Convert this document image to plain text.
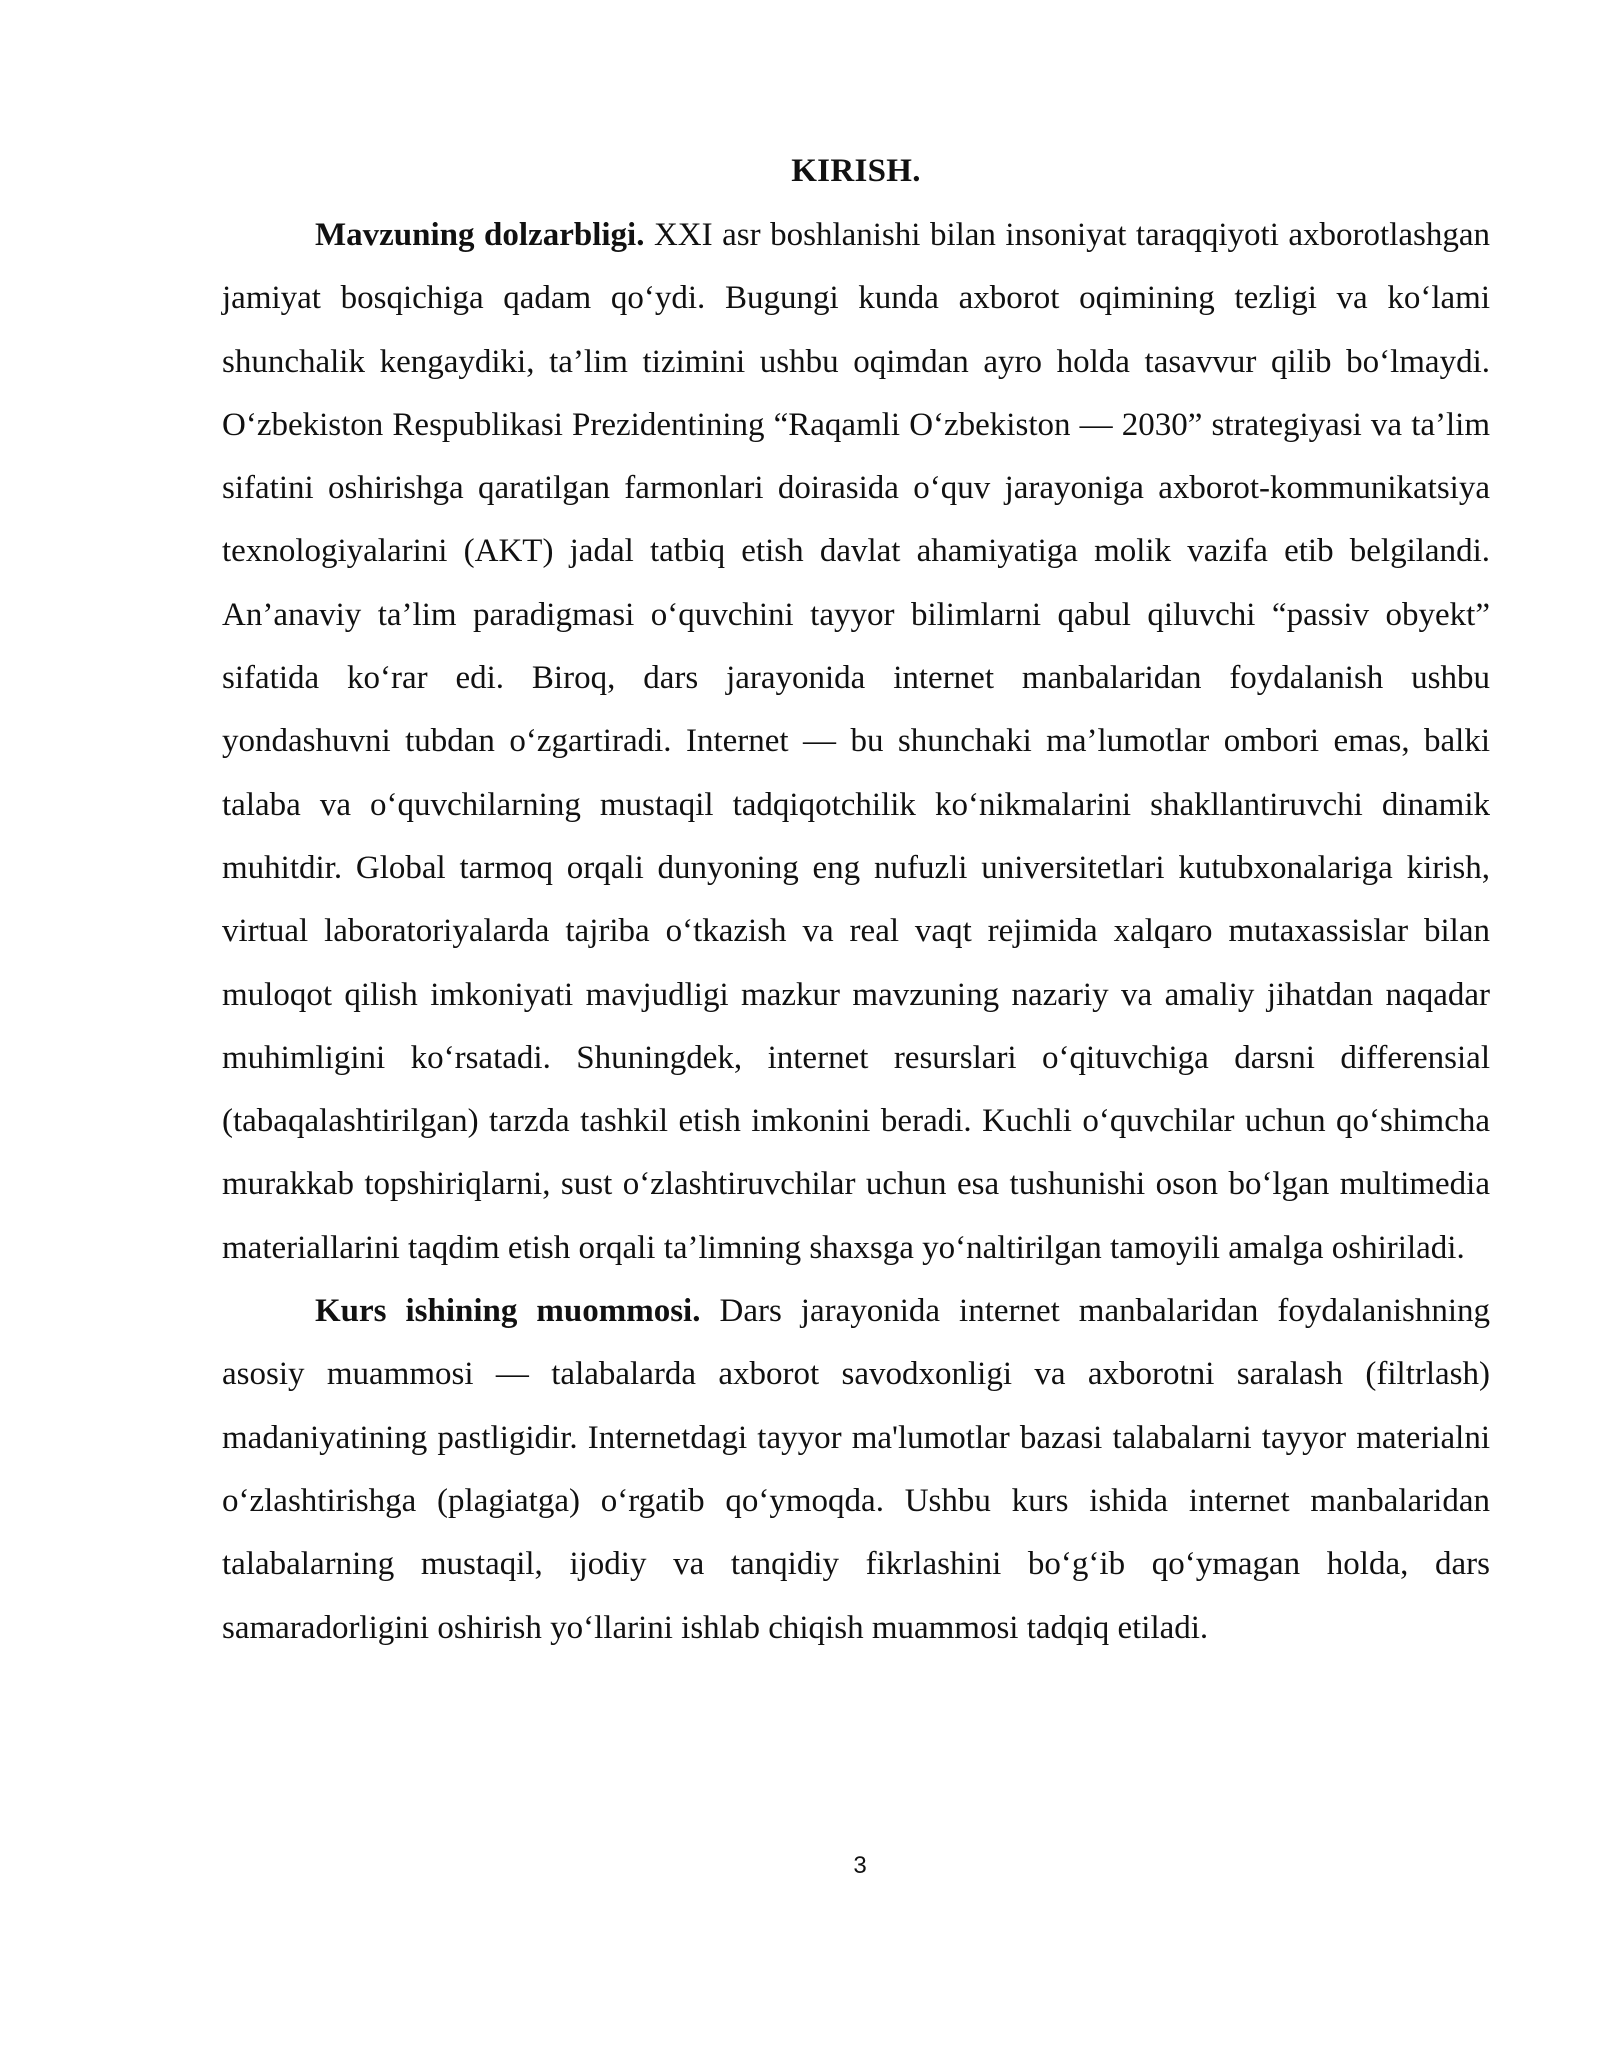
KIRISH.

Mavzuning dolzarbligi. XXI asr boshlanishi bilan insoniyat taraqqiyoti axborotlashgan jamiyat bosqichiga qadam qo‘ydi. Bugungi kunda axborot oqimining tezligi va ko‘lami shunchalik kengaydiki, ta’lim tizimini ushbu oqimdan ayro holda tasavvur qilib bo‘lmaydi. O‘zbekiston Respublikasi Prezidentining “Raqamli O‘zbekiston — 2030” strategiyasi va ta’lim sifatini oshirishga qaratilgan farmonlari doirasida o‘quv jarayoniga axborot-kommunikatsiya texnologiyalarini (AKT) jadal tatbiq etish davlat ahamiyatiga molik vazifa etib belgilandi. An’anaviy ta’lim paradigmasi o‘quvchini tayyor bilimlarni qabul qiluvchi “passiv obyekt” sifatida ko‘rar edi. Biroq, dars jarayonida internet manbalaridan foydalanish ushbu yondashuvni tubdan o‘zgartiradi. Internet — bu shunchaki ma’lumotlar ombori emas, balki talaba va o‘quvchilarning mustaqil tadqiqotchilik ko‘nikmalarini shakllantiruvchi dinamik muhitdir. Global tarmoq orqali dunyoning eng nufuzli universitetlari kutubxonalariga kirish, virtual laboratoriyalarda tajriba o‘tkazish va real vaqt rejimida xalqaro mutaxassislar bilan muloqot qilish imkoniyati mavjudligi mazkur mavzuning nazariy va amaliy jihatdan naqadar muhimligini ko‘rsatadi. Shuningdek, internet resurslari o‘qituvchiga darsni differensial (tabaqalashtirilgan) tarzda tashkil etish imkonini beradi. Kuchli o‘quvchilar uchun qo‘shimcha murakkab topshiriqlarni, sust o‘zlashtiruvchilar uchun esa tushunishi oson bo‘lgan multimedia materiallarini taqdim etish orqali ta’limning shaxsga yo‘naltirilgan tamoyili amalga oshiriladi.

Kurs ishining muommosi. Dars jarayonida internet manbalaridan foydalanishning asosiy muammosi — talabalarda axborot savodxonligi va axborotni saralash (filtrlash) madaniyatining pastligidir. Internetdagi tayyor ma'lumotlar bazasi talabalarni tayyor materialni o‘zlashtirishga (plagiatga) o‘rgatib qo‘ymoqda. Ushbu kurs ishida internet manbalaridan talabalarning mustaqil, ijodiy va tanqidiy fikrlashini bo‘g‘ib qo‘ymagan holda, dars samaradorligini oshirish yo‘llarini ishlab chiqish muammosi tadqiq etiladi.

3
